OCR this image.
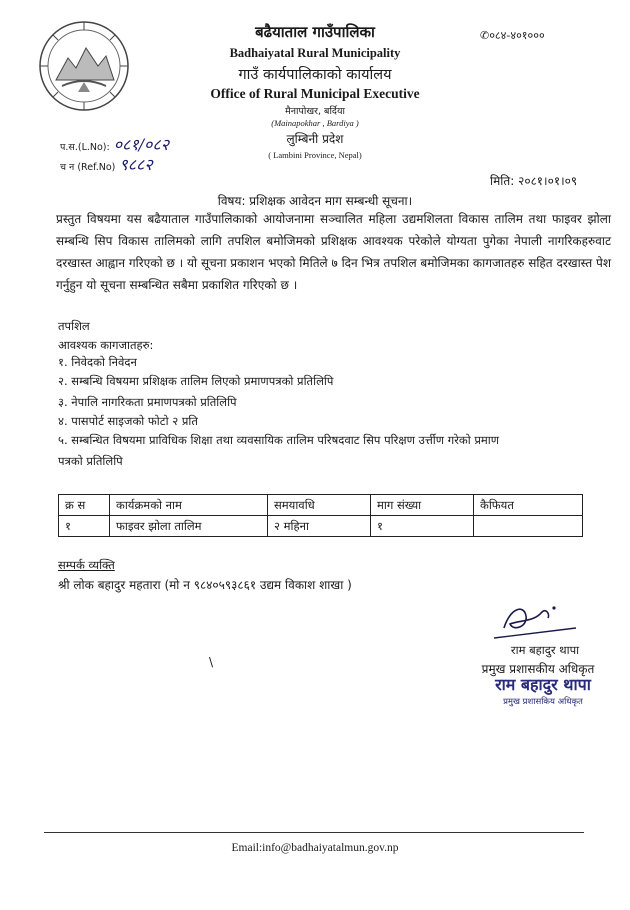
बढैयाताल गाउँपालिका
Badhaiyatal Rural Municipality
गाउँ कार्यपालिकाको कार्यालय
Office of Rural Municipal Executive
मैनापोखर, बर्दिया
(Mainapokhar , Bardiya )
लुम्बिनी प्रदेश
( Lambini Province, Nepal)
✆०८४-४०१०००
प.स.(L.No): ०८१/०८२
च न (Ref.No) ९८८२
मिति: २०८१।०१।०९
विषय: प्रशिक्षक आवेदन माग सम्बन्धी सूचना।
प्रस्तुत विषयमा यस बढैयाताल गाउँपालिकाको आयोजनामा सञ्चालित महिला उद्यमशिलता विकास तालिम तथा फाइवर झोला सम्बन्धि सिप विकास तालिमको लागि तपशिल बमोजिमको प्रशिक्षक आवश्यक परेकोले योग्यता पुगेका नेपाली नागरिकहरुवाट दरखास्त आह्वान गरिएको छ । यो सूचना प्रकाशन भएको मितिले ७ दिन भित्र तपशिल बमोजिमका कागजातहरु सहित दरखास्त पेश गर्नुहुन यो सूचना सम्बन्धित सबैमा प्रकाशित गरिएको छ ।
तपशिल
आवश्यक कागजातहरु:
१. निवेदको निवेदन
२. सम्बन्धि विषयमा प्रशिक्षक तालिम लिएको प्रमाणपत्रको प्रतिलिपि
३. नेपालि नागरिकता प्रमाणपत्रको प्रतिलिपि
४. पासपोर्ट साइजको फोटो २ प्रति
५. सम्बन्धित विषयमा प्राविधिक शिक्षा तथा व्यवसायिक तालिम परिषदवाट सिप परिक्षण उर्त्तीण गरेको प्रमाण
पत्रको प्रतिलिपि
क्र स	कार्यक्रमको नाम	समयावधि	माग संख्या	कैफियत
१	फाइवर झोला तालिम	२ महिना	१	
सम्पर्क व्यक्ति
श्री लोक बहादुर महतारा (मो न ९८४०५९३८६१ उद्यम विकाश शाखा )
राम बहादुर थापा
प्रमुख प्रशासकीय अधिकृत
राम बहादुर थापा
प्रमुख प्रशासकिय अधिकृत
\
Email:info@badhaiyatalmun.gov.np
